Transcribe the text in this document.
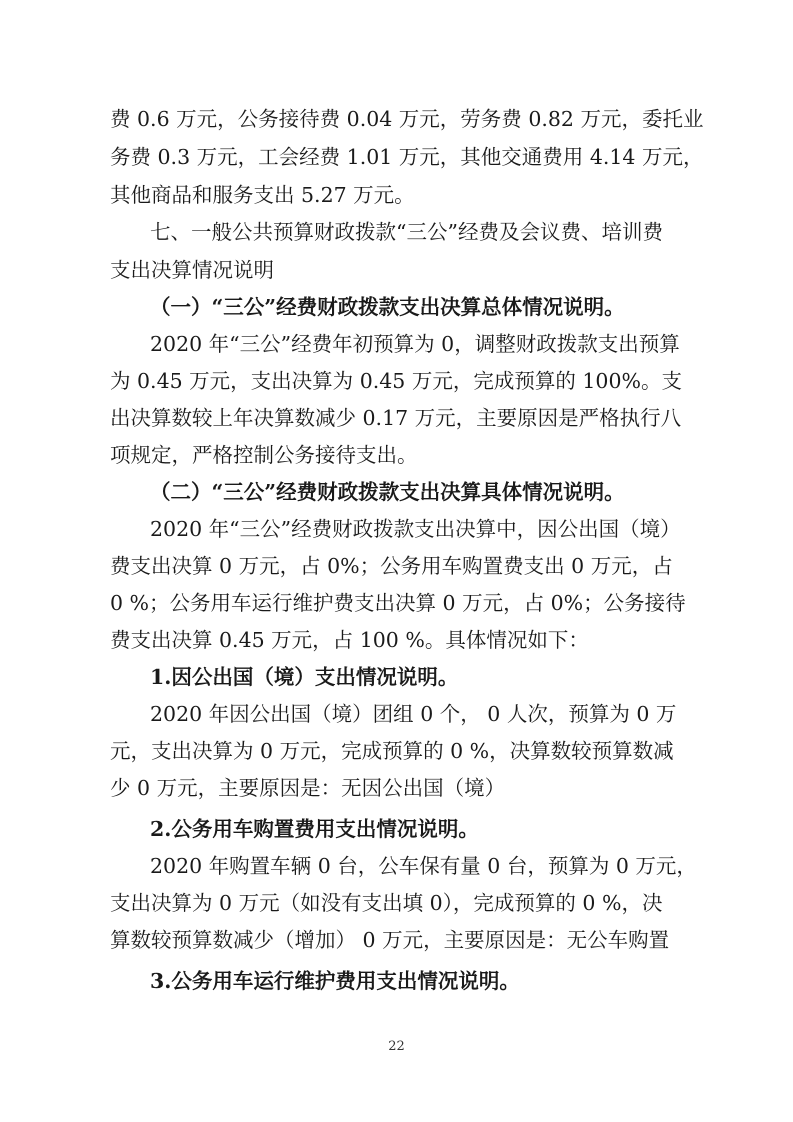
费 0.6 万元，公务接待费 0.04 万元，劳务费 0.82 万元，委托业
务费 0.3 万元，工会经费 1.01 万元，其他交通费用 4.14 万元，
其他商品和服务支出 5.27 万元。
七、一般公共预算财政拨款“三公”经费及会议费、培训费
支出决算情况说明
（一）“三公”经费财政拨款支出决算总体情况说明。
2020 年“三公”经费年初预算为 0，调整财政拨款支出预算
为 0.45 万元，支出决算为 0.45 万元，完成预算的 100%。支
出决算数较上年决算数减少 0.17 万元，主要原因是严格执行八
项规定，严格控制公务接待支出。
（二）“三公”经费财政拨款支出决算具体情况说明。
2020 年“三公”经费财政拨款支出决算中，因公出国（境）
费支出决算 0 万元，占 0%；公务用车购置费支出 0 万元，占
0 %；公务用车运行维护费支出决算 0 万元，占 0%；公务接待
费支出决算 0.45 万元，占 100 %。具体情况如下：
1.因公出国（境）支出情况说明。
2020 年因公出国（境）团组 0 个， 0 人次，预算为 0 万
元，支出决算为 0 万元，完成预算的 0 %，决算数较预算数减
少 0 万元，主要原因是：无因公出国（境）
2.公务用车购置费用支出情况说明。
2020 年购置车辆 0 台，公车保有量 0 台，预算为 0 万元，
支出决算为 0 万元（如没有支出填 0），完成预算的 0 %，决
算数较预算数减少（增加） 0 万元，主要原因是：无公车购置
3.公务用车运行维护费用支出情况说明。
22
